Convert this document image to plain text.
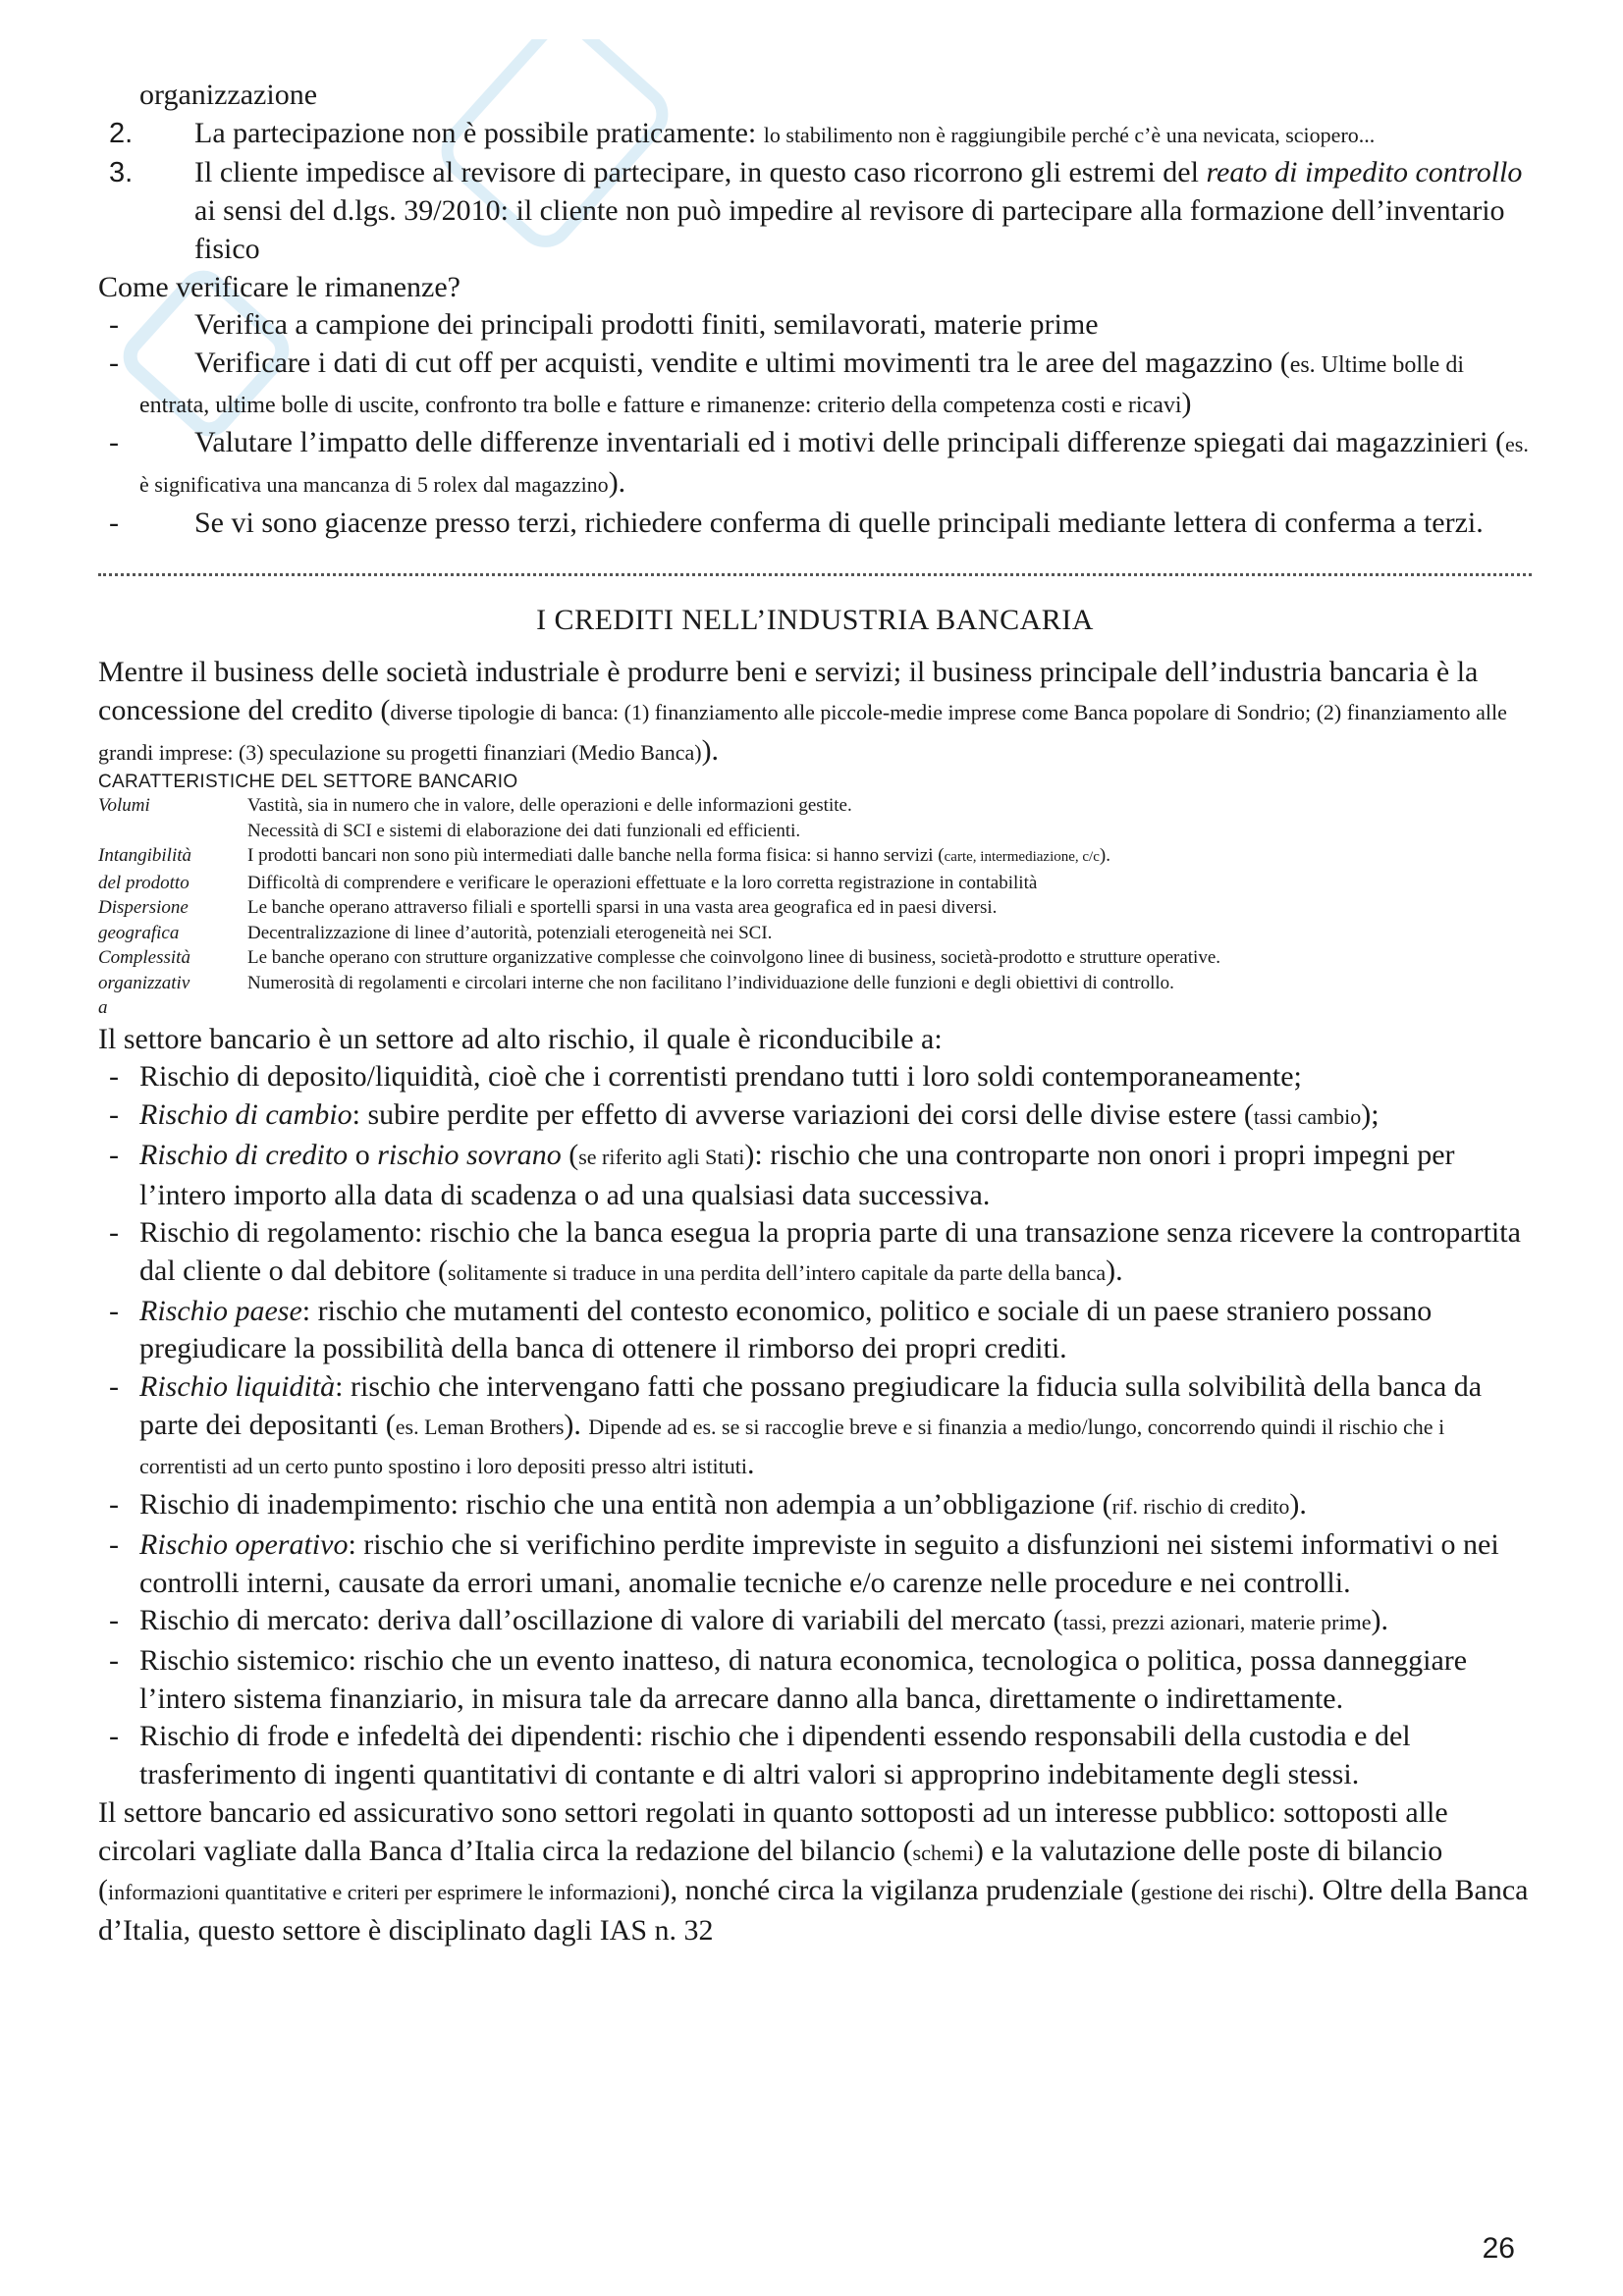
organizzazione

2.	La partecipazione non è possibile praticamente: lo stabilimento non è raggiungibile perché c’è una nevicata, sciopero...

3.	Il cliente impedisce al revisore di partecipare, in questo caso ricorrono gli estremi del reato di impedito controllo ai sensi del d.lgs. 39/2010: il cliente non può impedire al revisore di partecipare alla formazione dell’inventario fisico

Come verificare le rimanenze?

-	Verifica a campione dei principali prodotti finiti, semilavorati, materie prime

-	Verificare i dati di cut off per acquisti, vendite e ultimi movimenti tra le aree del magazzino (es. Ultime bolle di entrata, ultime bolle di uscite, confronto tra bolle e fatture e rimanenze: criterio della competenza costi e ricavi)

-	Valutare l’impatto delle differenze inventariali ed i motivi delle principali differenze spiegati dai magazzinieri (es. è significativa una mancanza di 5 rolex dal magazzino).

-	Se vi sono giacenze presso terzi, richiedere conferma di quelle principali mediante lettera di conferma a terzi.

I CREDITI NELL’INDUSTRIA BANCARIA

Mentre il business delle società industriale è produrre beni e servizi; il business principale dell’industria bancaria è la concessione del credito (diverse tipologie di banca: (1) finanziamento alle piccole-medie imprese come Banca popolare di Sondrio; (2) finanziamento alle grandi imprese: (3) speculazione su progetti finanziari (Medio Banca)).

CARATTERISTICHE DEL SETTORE BANCARIO
Volumi	Vastità, sia in numero che in valore, delle operazioni e delle informazioni gestite.
	Necessità di SCI e sistemi di elaborazione dei dati funzionali ed efficienti.
Intangibilità	I prodotti bancari non sono più intermediati dalle banche nella forma fisica: si hanno servizi (carte, intermediazione, c/c).
del prodotto	Difficoltà di comprendere e verificare le operazioni effettuate e la loro corretta registrazione in contabilità
Dispersione	Le banche operano attraverso filiali e sportelli sparsi in una vasta area geografica ed in paesi diversi.
geografica	Decentralizzazione di linee d’autorità, potenziali eterogeneità nei SCI.
Complessità	Le banche operano con strutture organizzative complesse che coinvolgono linee di business, società-prodotto e strutture operative.
organizzativ	Numerosità di regolamenti e circolari interne che non facilitano l’individuazione delle funzioni e degli obiettivi di controllo.
a	

Il settore bancario è un settore ad alto rischio, il quale è riconducibile a:

- Rischio di deposito/liquidità, cioè che i correntisti prendano tutti i loro soldi contemporaneamente;

- Rischio di cambio: subire perdite per effetto di avverse variazioni dei corsi delle divise estere (tassi cambio);

- Rischio di credito o rischio sovrano (se riferito agli Stati): rischio che una controparte non onori i propri impegni per l’intero importo alla data di scadenza o ad una qualsiasi data successiva.

- Rischio di regolamento: rischio che la banca esegua la propria parte di una transazione senza ricevere la contropartita dal cliente o dal debitore (solitamente si traduce in una perdita dell’intero capitale da parte della banca).

- Rischio paese: rischio che mutamenti del contesto economico, politico e sociale di un paese straniero possano pregiudicare la possibilità della banca di ottenere il rimborso dei propri crediti.

- Rischio liquidità: rischio che intervengano fatti che possano pregiudicare la fiducia sulla solvibilità della banca da parte dei depositanti (es. Leman Brothers). Dipende ad es. se si raccoglie breve e si finanzia a medio/lungo, concorrendo quindi il rischio che i correntisti ad un certo punto spostino i loro depositi presso altri istituti.

- Rischio di inadempimento: rischio che una entità non adempia a un’obbligazione (rif. rischio di credito).

- Rischio operativo: rischio che si verifichino perdite impreviste in seguito a disfunzioni nei sistemi informativi o nei controlli interni, causate da errori umani, anomalie tecniche e/o carenze nelle procedure e nei controlli.

- Rischio di mercato: deriva dall’oscillazione di valore di variabili del mercato (tassi, prezzi azionari, materie prime).

- Rischio sistemico: rischio che un evento inatteso, di natura economica, tecnologica o politica, possa danneggiare l’intero sistema finanziario, in misura tale da arrecare danno alla banca, direttamente o indirettamente.

- Rischio di frode e infedeltà dei dipendenti: rischio che i dipendenti essendo responsabili della custodia e del trasferimento di ingenti quantitativi di contante e di altri valori si approprino indebitamente degli stessi.

Il settore bancario ed assicurativo sono settori regolati in quanto sottoposti ad un interesse pubblico: sottoposti alle circolari vagliate dalla Banca d’Italia circa la redazione del bilancio (schemi) e la valutazione delle poste di bilancio (informazioni quantitative e criteri per esprimere le informazioni), nonché circa la vigilanza prudenziale (gestione dei rischi). Oltre della Banca d’Italia, questo settore è disciplinato dagli IAS n. 32

26
